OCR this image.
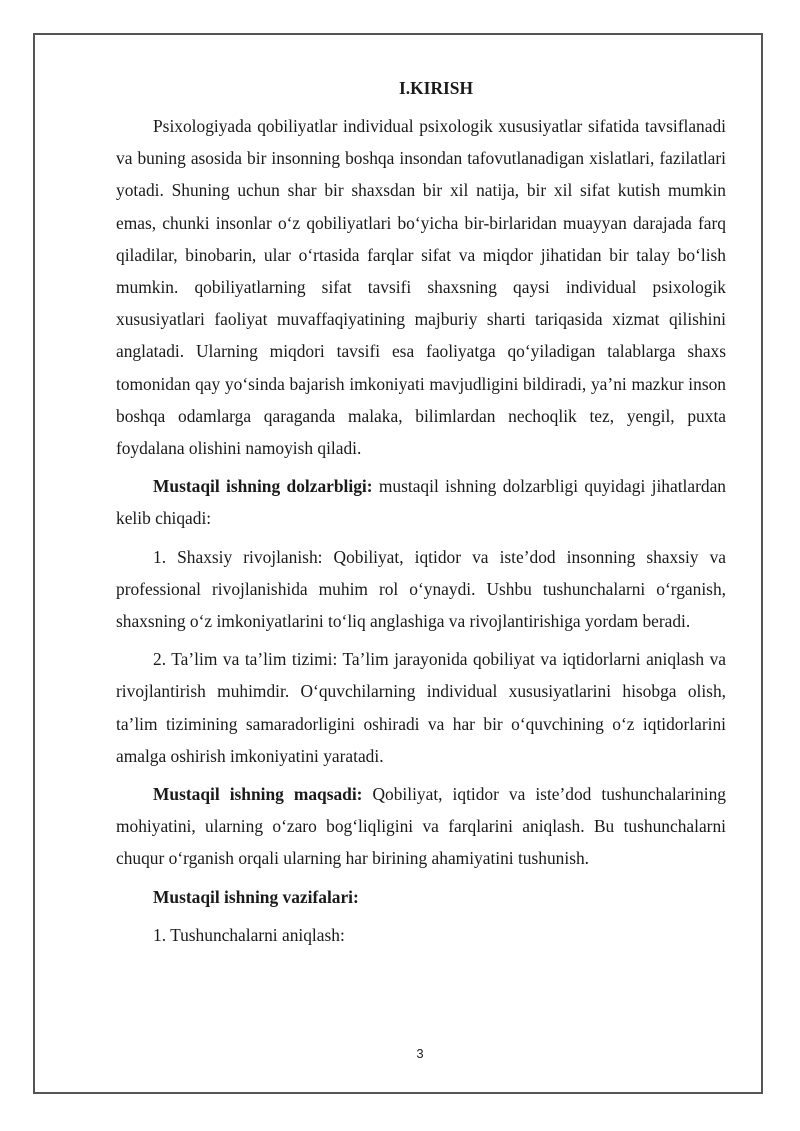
I.KIRISH

Psixologiyada qobiliyatlar individual psixologik xususiyatlar sifatida tavsiflanadi va buning asosida bir insonning boshqa insondan tafovutlanadigan xislatlari, fazilatlari yotadi. Shuning uchun shar bir shaxsdan bir xil natija, bir xil sifat kutish mumkin emas, chunki insonlar o‘z qobiliyatlari bo‘yicha bir-birlaridan muayyan darajada farq qiladilar, binobarin, ular o‘rtasida farqlar sifat va miqdor jihatidan bir talay bo‘lish mumkin. qobiliyatlarning sifat tavsifi shaxsning qaysi individual psixologik xususiyatlari faoliyat muvaffaqiyatining majburiy sharti tariqasida xizmat qilishini anglatadi. Ularning miqdori tavsifi esa faoliyatga qo‘yiladigan talablarga shaxs tomonidan qay yo‘sinda bajarish imkoniyati mavjudligini bildiradi, ya’ni mazkur inson boshqa odamlarga qaraganda malaka, bilimlardan nechoqlik tez, yengil, puxta foydalana olishini namoyish qiladi.

Mustaqil ishning dolzarbligi: mustaqil ishning dolzarbligi quyidagi jihatlardan kelib chiqadi:

1. Shaxsiy rivojlanish: Qobiliyat, iqtidor va iste’dod insonning shaxsiy va professional rivojlanishida muhim rol o‘ynaydi. Ushbu tushunchalarni o‘rganish, shaxsning o‘z imkoniyatlarini to‘liq anglashiga va rivojlantirishiga yordam beradi.

2. Ta’lim va ta’lim tizimi: Ta’lim jarayonida qobiliyat va iqtidorlarni aniqlash va rivojlantirish muhimdir. O‘quvchilarning individual xususiyatlarini hisobga olish, ta’lim tizimining samaradorligini oshiradi va har bir o‘quvchining o‘z iqtidorlarini amalga oshirish imkoniyatini yaratadi.

Mustaqil ishning maqsadi: Qobiliyat, iqtidor va iste’dod tushunchalarining mohiyatini, ularning o‘zaro bog‘liqligini va farqlarini aniqlash. Bu tushunchalarni chuqur o‘rganish orqali ularning har birining ahamiyatini tushunish.

Mustaqil ishning vazifalari:

1. Tushunchalarni aniqlash:

3
